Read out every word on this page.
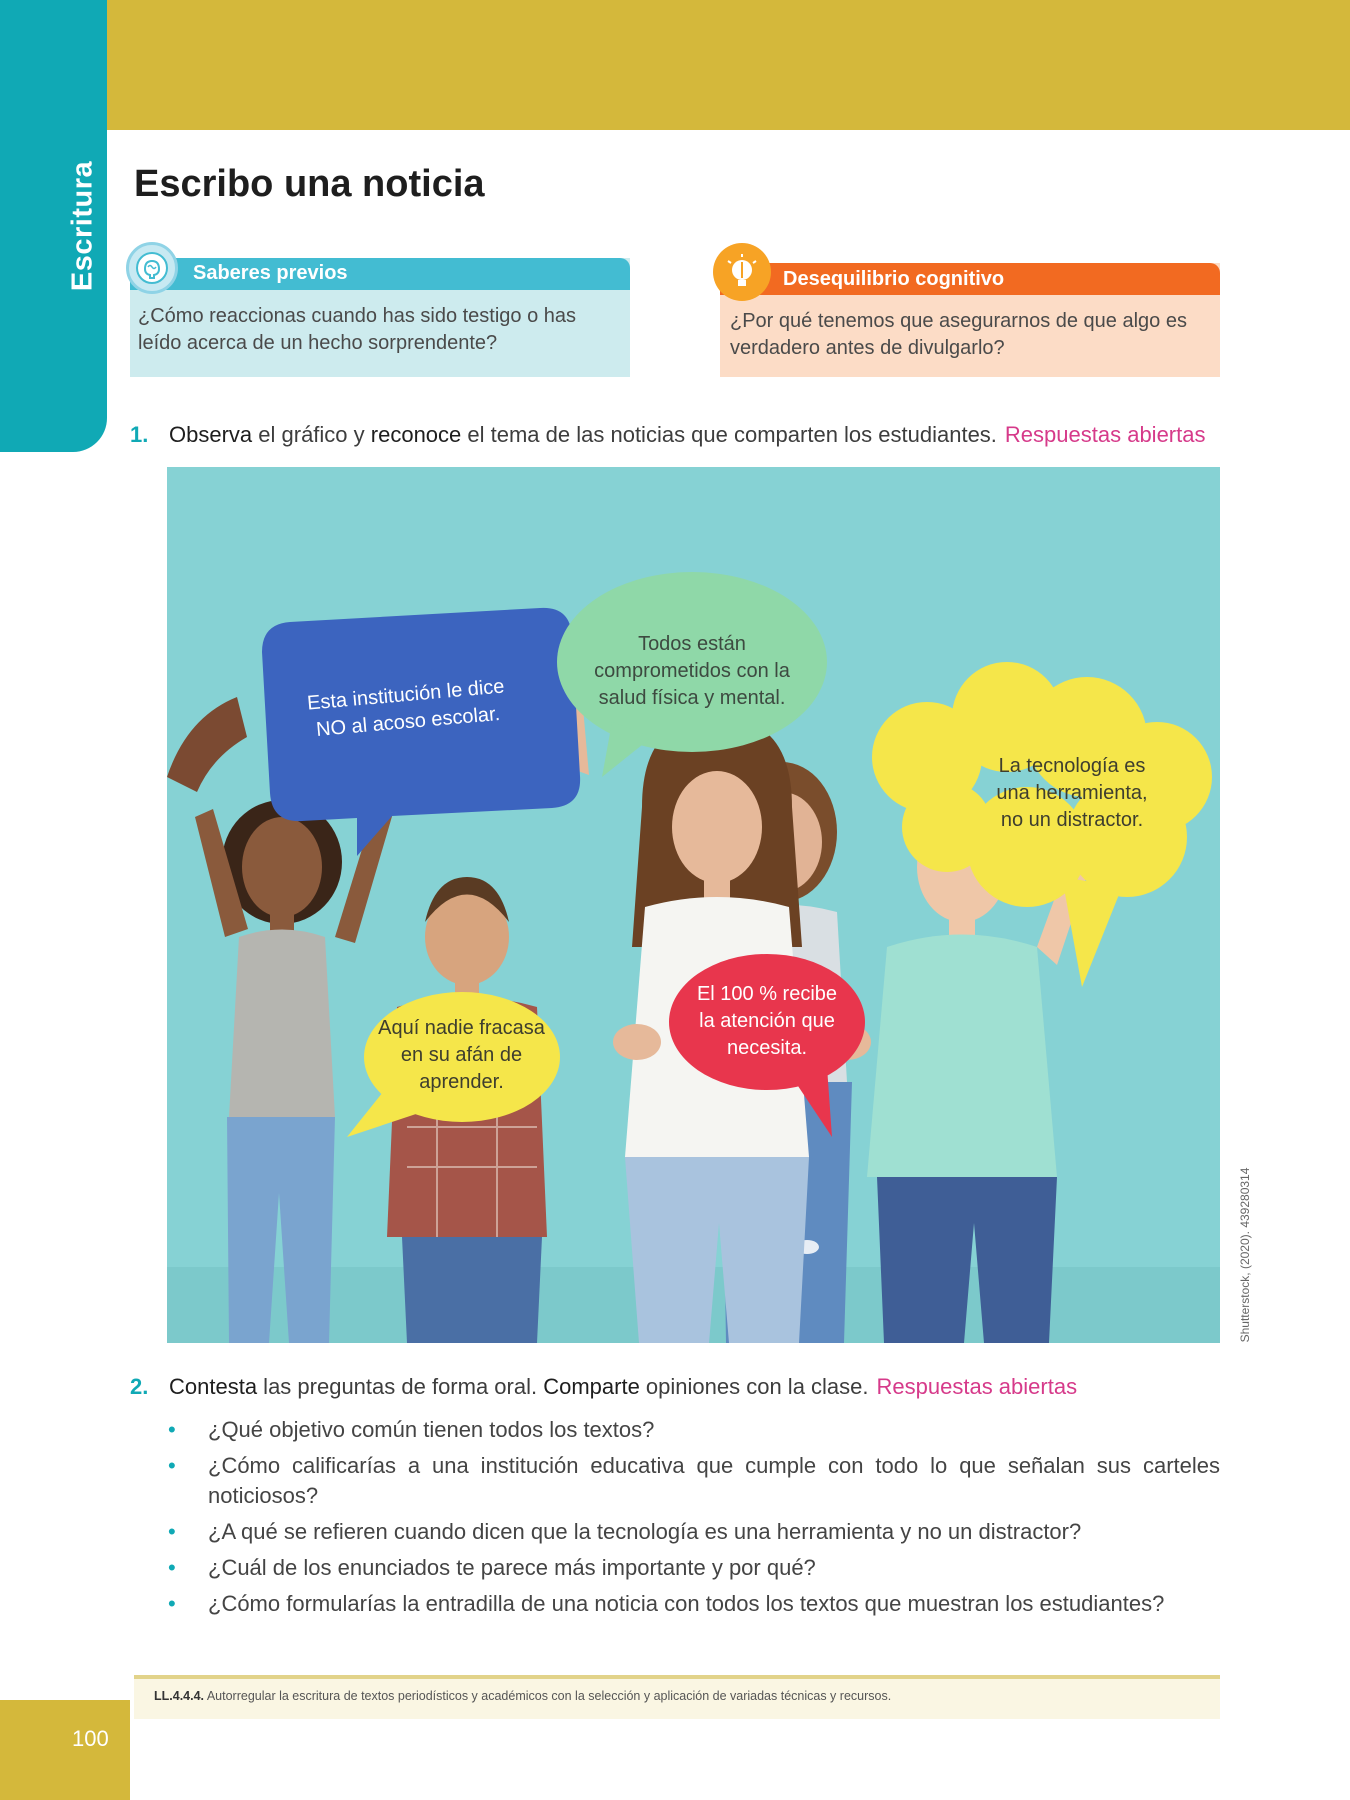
Escritura Escribo una noticia
Saberes previos

¿Cómo reaccionas cuando has sido testigo o has leído acerca de un hecho sorprendente?

Desequilibrio cognitivo

¿Por qué tenemos que asegurarnos de que algo es verdadero antes de divulgarlo?

1. Observa el gráfico y reconoce el tema de las noticias que comparten los estudiantes. Respuestas abiertas

Esta institución le dice NO al acoso escolar.
Todos están comprometidos con la salud física y mental.
La tecnología es una herramienta, no un distractor.
Aquí nadie fracasa en su afán de aprender.
El 100 % recibe la atención que necesita.
Shutterstock, (2020). 439280314

2. Contesta las preguntas de forma oral. Comparte opiniones con la clase. Respuestas abiertas

• ¿Qué objetivo común tienen todos los textos?
• ¿Cómo calificarías a una institución educativa que cumple con todo lo que señalan sus carteles noticiosos?
• ¿A qué se refieren cuando dicen que la tecnología es una herramienta y no un distractor?
• ¿Cuál de los enunciados te parece más importante y por qué?
• ¿Cómo formularías la entradilla de una noticia con todos los textos que muestran los estudiantes?

LL.4.4.4. Autorregular la escritura de textos periodísticos y académicos con la selección y aplicación de variadas técnicas y recursos.

100
